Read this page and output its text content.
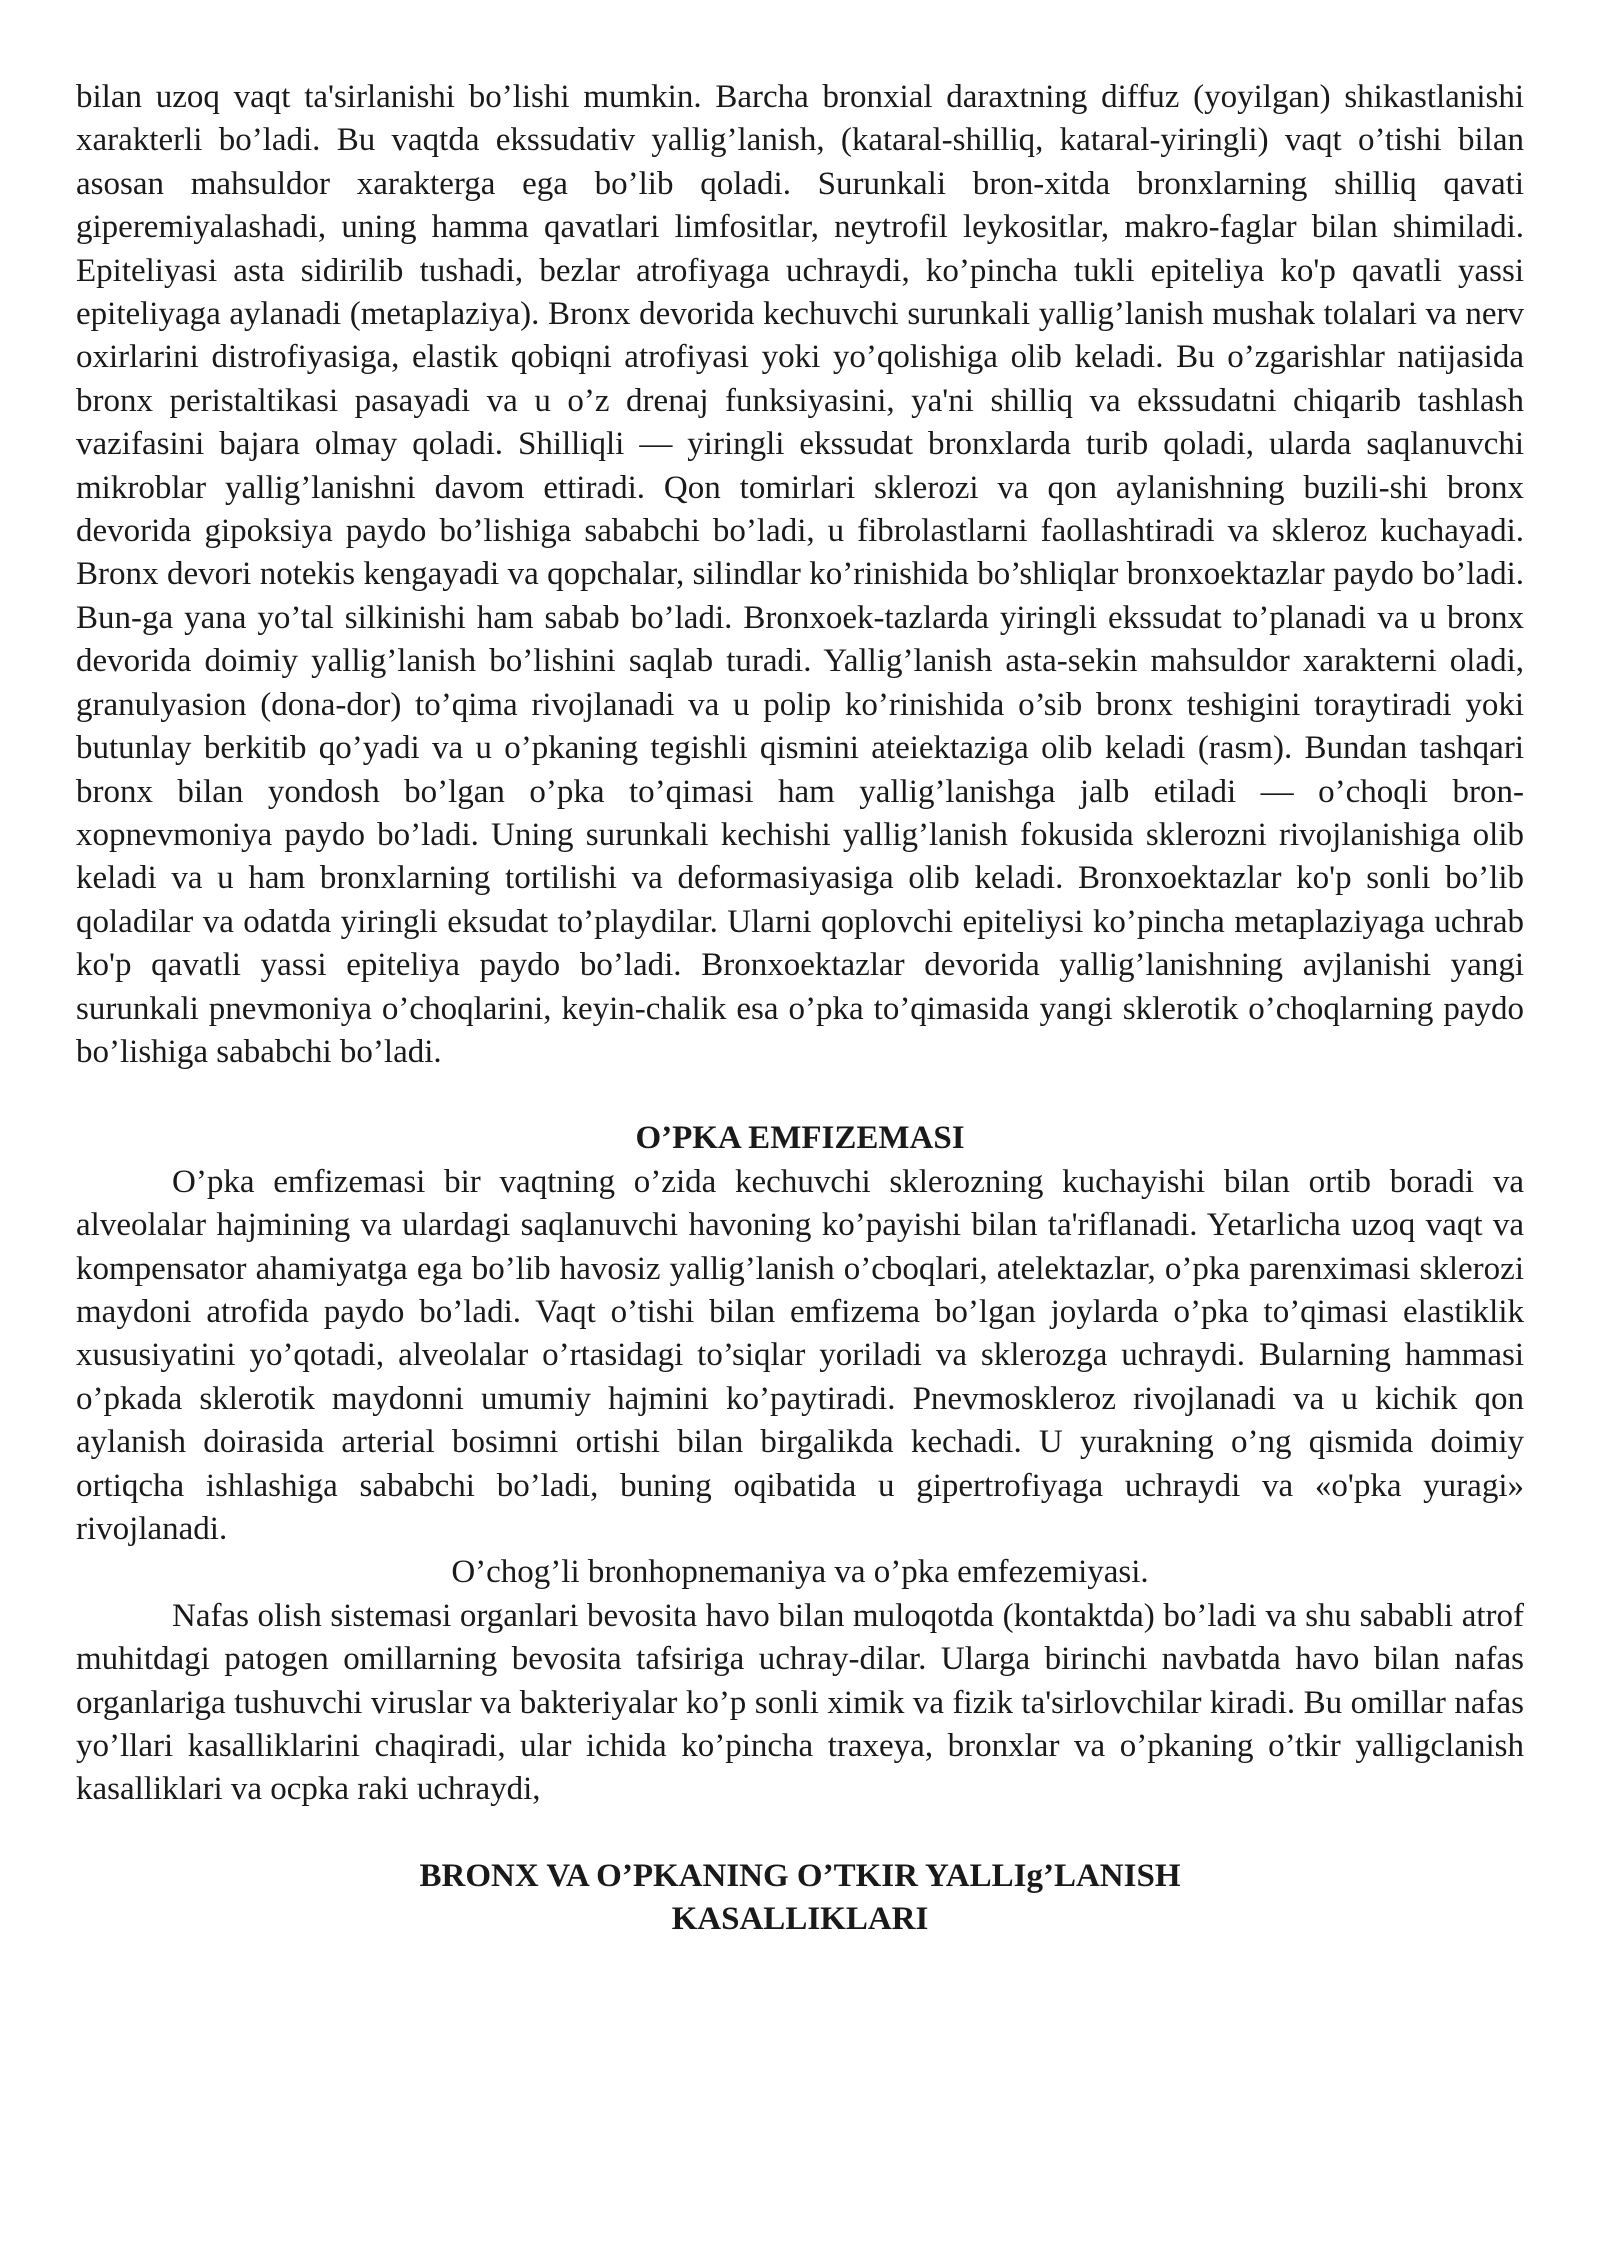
bilan uzoq vaqt ta'sirlanishi bo’lishi mumkin. Barcha bronxial daraxtning diffuz (yoyilgan) shikastlanishi xarakterli bo’ladi. Bu vaqtda ekssudativ yallig’lanish, (kataral-shilliq, kataral-yiringli) vaqt o’tishi bilan asosan mahsuldor xarakterga ega bo’lib qoladi. Surunkali bron-xitda bronxlarning shilliq qavati giperemiyalashadi, uning hamma qavatlari limfositlar, neytrofil leykositlar, makro-faglar bilan shimiladi. Epiteliyasi asta sidirilib tushadi, bezlar atrofiyaga uchraydi, ko’pincha tukli epiteliya ko'p qavatli yassi epiteliyaga aylanadi (metaplaziya). Bronx devorida kechuvchi surunkali yallig’lanish mushak tolalari va nerv oxirlarini distrofiyasiga, elastik qobiqni atrofiyasi yoki yo’qolishiga olib keladi. Bu o’zgarishlar natijasida bronx peristaltikasi pasayadi va u o’z drenaj funksiyasini, ya'ni shilliq va ekssudatni chiqarib tashlash vazifasini bajara olmay qoladi. Shilliqli — yiringli ekssudat bronxlarda turib qoladi, ularda saqlanuvchi mikroblar yallig’lanishni davom ettiradi. Qon tomirlari sklerozi va qon aylanishning buzili-shi bronx devorida gipoksiya paydo bo’lishiga sababchi bo’ladi, u fibrolastlarni faollashtiradi va skleroz kuchayadi. Bronx devori notekis kengayadi va qopchalar, silindlar ko’rinishida bo’shliqlar bronxoektazlar paydo bo’ladi. Bun-ga yana yo’tal silkinishi ham sabab bo’ladi. Bronxoek-tazlarda yiringli ekssudat to’planadi va u bronx devorida doimiy yallig’lanish bo’lishini saqlab turadi. Yallig’lanish asta-sekin mahsuldor xarakterni oladi, granulyasion (dona-dor) to’qima rivojlanadi va u polip ko’rinishida o’sib bronx teshigini toraytiradi yoki butunlay berkitib qo’yadi va u o’pkaning tegishli qismini ateiektaziga olib keladi (rasm). Bundan tashqari bronx bilan yondosh bo’lgan o’pka to’qimasi ham yallig’lanishga jalb etiladi — o’choqli bron-xopnevmoniya paydo bo’ladi. Uning surunkali kechishi yallig’lanish fokusida sklerozni rivojlanishiga olib keladi va u ham bronxlarning tortilishi va deformasiyasiga olib keladi. Bronxoektazlar ko'p sonli bo’lib qoladilar va odatda yiringli eksudat to’playdilar. Ularni qoplovchi epiteliysi ko’pincha metaplaziyaga uchrab ko'p qavatli yassi epiteliya paydo bo’ladi. Bronxoektazlar devorida yallig’lanishning avjlanishi yangi surunkali pnevmoniya o’choqlarini, keyin-chalik esa o’pka to’qimasida yangi sklerotik o’choqlarning paydo bo’lishiga sababchi bo’ladi.

O’PKA EMFIZEMASI

O’pka emfizemasi bir vaqtning o’zida kechuvchi sklerozning kuchayishi bilan ortib boradi va alveolalar hajmining va ulardagi saqlanuvchi havoning ko’payishi bilan ta'riflanadi. Yetarlicha uzoq vaqt va kompensator ahamiyatga ega bo’lib havosiz yallig’lanish o’cboqlari, atelektazlar, o’pka parenximasi sklerozi maydoni atrofida paydo bo’ladi. Vaqt o’tishi bilan emfizema bo’lgan joylarda o’pka to’qimasi elastiklik xususiyatini yo’qotadi, alveolalar o’rtasidagi to’siqlar yoriladi va sklerozga uchraydi. Bularning hammasi o’pkada sklerotik maydonni umumiy hajmini ko’paytiradi. Pnevmoskleroz rivojlanadi va u kichik qon aylanish doirasida arterial bosimni ortishi bilan birgalikda kechadi. U yurakning o’ng qismida doimiy ortiqcha ishlashiga sababchi bo’ladi, buning oqibatida u gipertrofiyaga uchraydi va «o'pka yuragi» rivojlanadi.

O’chog’li bronhopnemaniya va o’pka emfezemiyasi.

Nafas olish sistemasi organlari bevosita havo bilan muloqotda (kontaktda) bo’ladi va shu sababli atrof muhitdagi patogen omillarning bevosita tafsiriga uchray-dilar. Ularga birinchi navbatda havo bilan nafas organlariga tushuvchi viruslar va bakteriyalar ko’p sonli ximik va fizik ta'sirlovchilar kiradi. Bu omillar nafas yo’llari kasalliklarini chaqiradi, ular ichida ko’pincha traxeya, bronxlar va o’pkaning o’tkir yalligclanish kasalliklari va ocpka raki uchraydi,

BRONX VA O’PKANING O’TKIR YALLIg’LANISH

KASALLIKLARI
